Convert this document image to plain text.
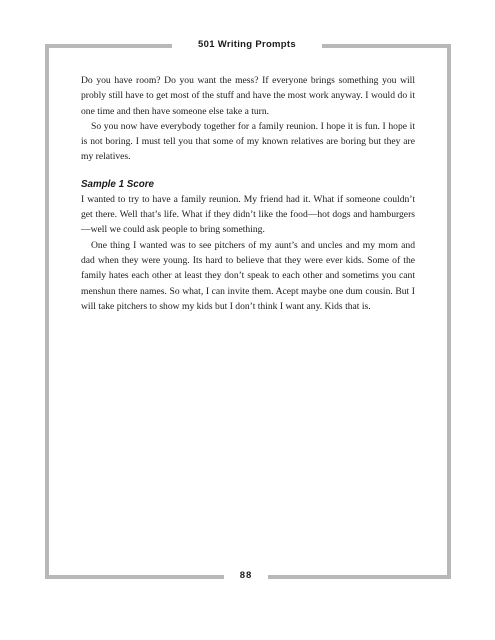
501 Writing Prompts

Do you have room? Do you want the mess? If everyone brings something you will probly still have to get most of the stuff and have the most work anyway. I would do it one time and then have someone else take a turn.

So you now have everybody together for a family reunion. I hope it is fun. I hope it is not boring. I must tell you that some of my known relatives are boring but they are my relatives.

Sample 1 Score

I wanted to try to have a family reunion. My friend had it. What if someone couldn’t get there. Well that’s life. What if they didn’t like the food—hot dogs and hamburgers—well we could ask people to bring something.

One thing I wanted was to see pitchers of my aunt’s and uncles and my mom and dad when they were young. Its hard to believe that they were ever kids. Some of the family hates each other at least they don’t speak to each other and sometims you cant menshun there names. So what, I can invite them. Acept maybe one dum cousin. But I will take pitchers to show my kids but I don’t think I want any. Kids that is.

88
